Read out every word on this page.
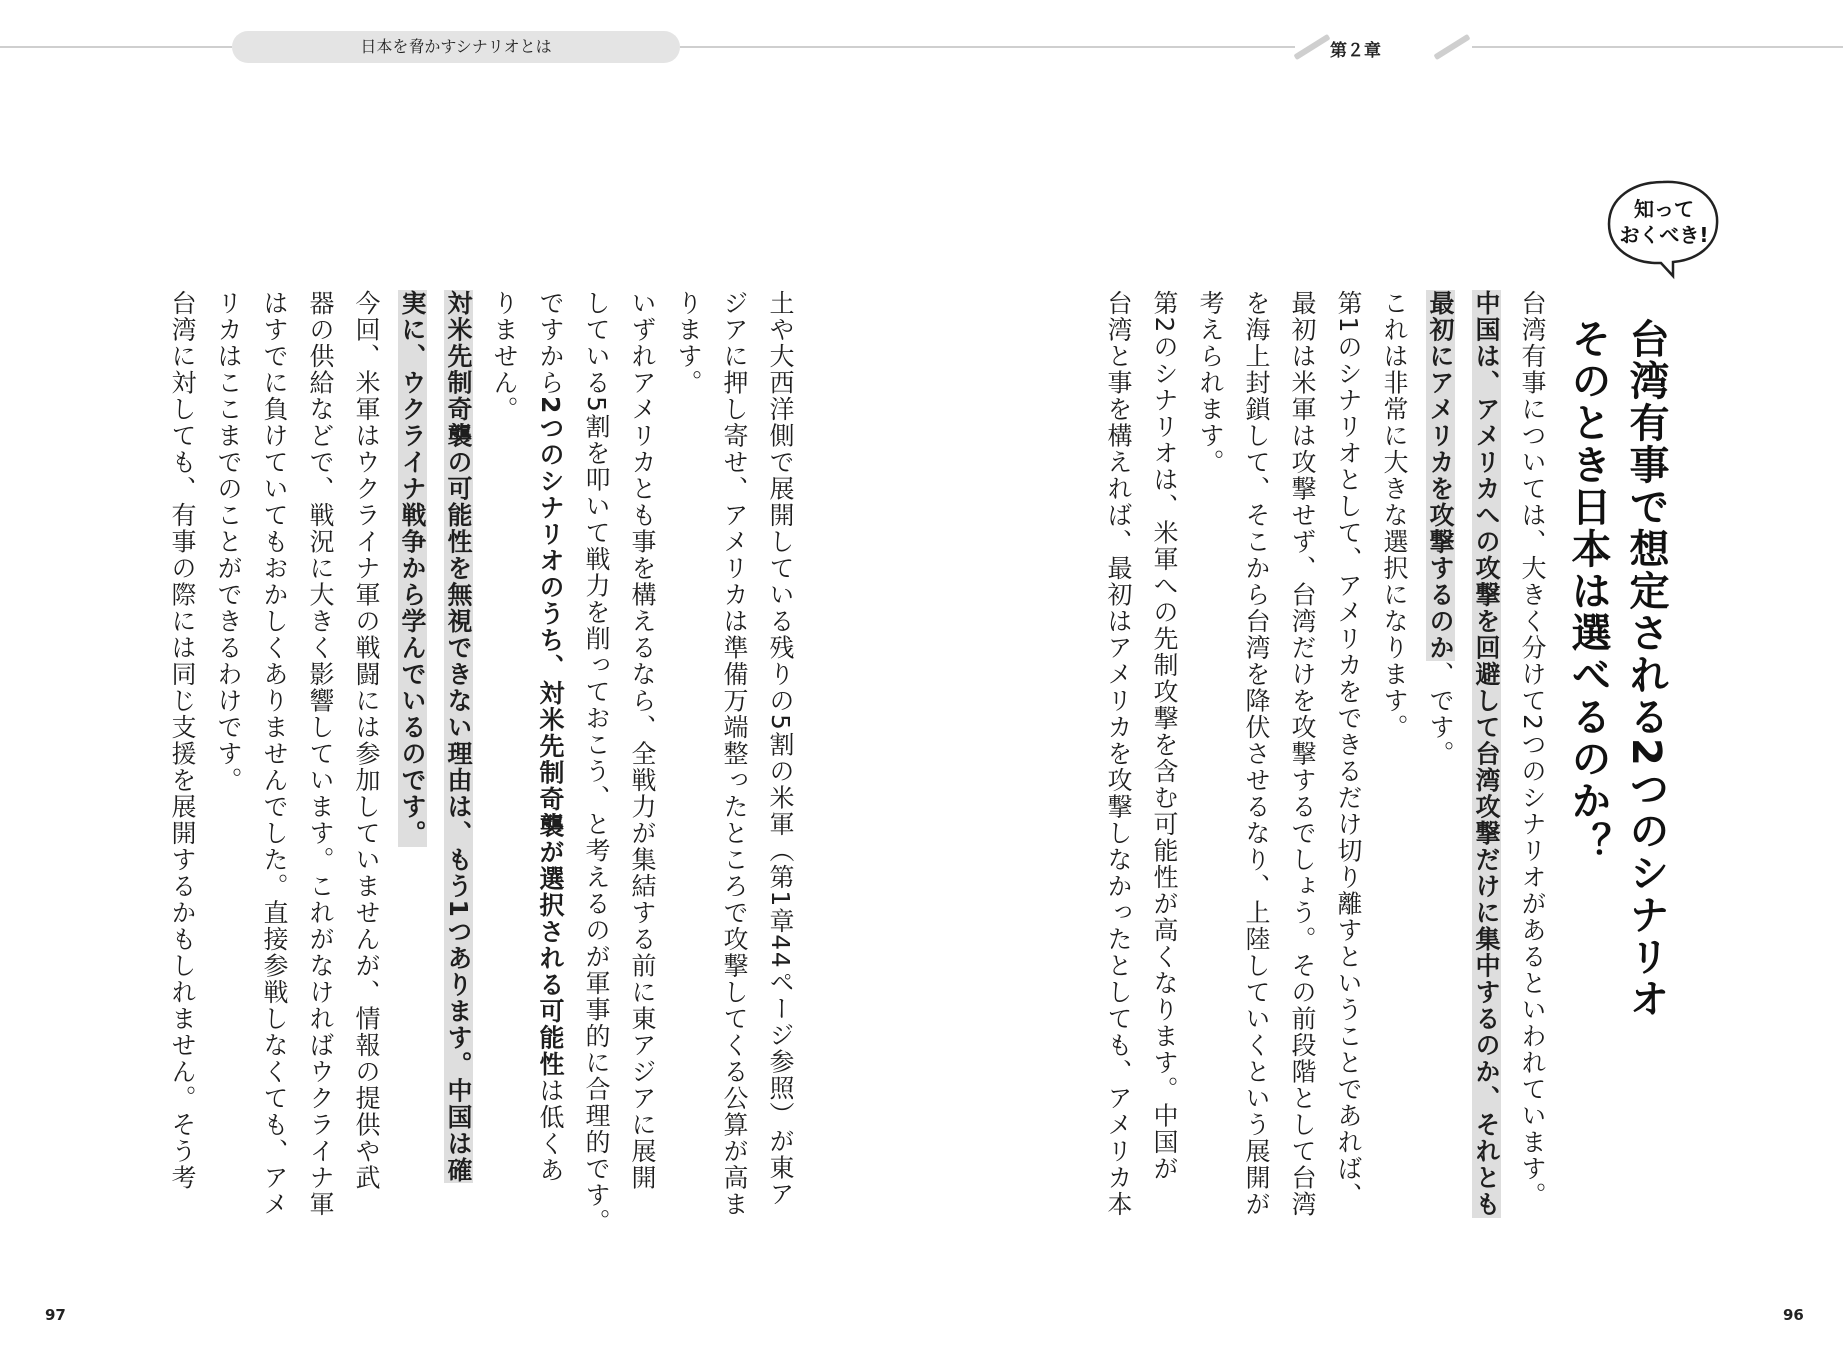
日本を脅かすシナリオとは	第２章
知って
おくべき!
台湾有事で想定される2つのシナリオ
そのとき日本は選べるのか？
台湾有事については、大きく分けて2つのシナリオがあるといわれています。
中国は、アメリカへの攻撃を回避して台湾攻撃だけに集中するのか、それとも
最初にアメリカを攻撃するのか、です。
これは非常に大きな選択になります。
第1のシナリオとして、アメリカをできるだけ切り離すということであれば、
最初は米軍は攻撃せず、台湾だけを攻撃するでしょう。その前段階として台湾
を海上封鎖して、そこから台湾を降伏させるなり、上陸していくという展開が
考えられます。
第2のシナリオは、米軍への先制攻撃を含む可能性が高くなります。中国が
台湾と事を構えれば、最初はアメリカを攻撃しなかったとしても、アメリカ本
土や大西洋側で展開している残りの5割の米軍（第1章44ページ参照）が東ア
ジアに押し寄せ、アメリカは準備万端整ったところで攻撃してくる公算が高ま
ります。
いずれアメリカとも事を構えるなら、全戦力が集結する前に東アジアに展開
している5割を叩いて戦力を削っておこう、と考えるのが軍事的に合理的です。
ですから2つのシナリオのうち、対米先制奇襲が選択される可能性は低くあ
りません。
対米先制奇襲の可能性を無視できない理由は、もう1つあります。中国は確
実に、ウクライナ戦争から学んでいるのです。
今回、米軍はウクライナ軍の戦闘には参加していませんが、情報の提供や武
器の供給などで、戦況に大きく影響しています。これがなければウクライナ軍
はすでに負けていてもおかしくありませんでした。直接参戦しなくても、アメ
リカはここまでのことができるわけです。
台湾に対しても、有事の際には同じ支援を展開するかもしれません。そう考
97	96
